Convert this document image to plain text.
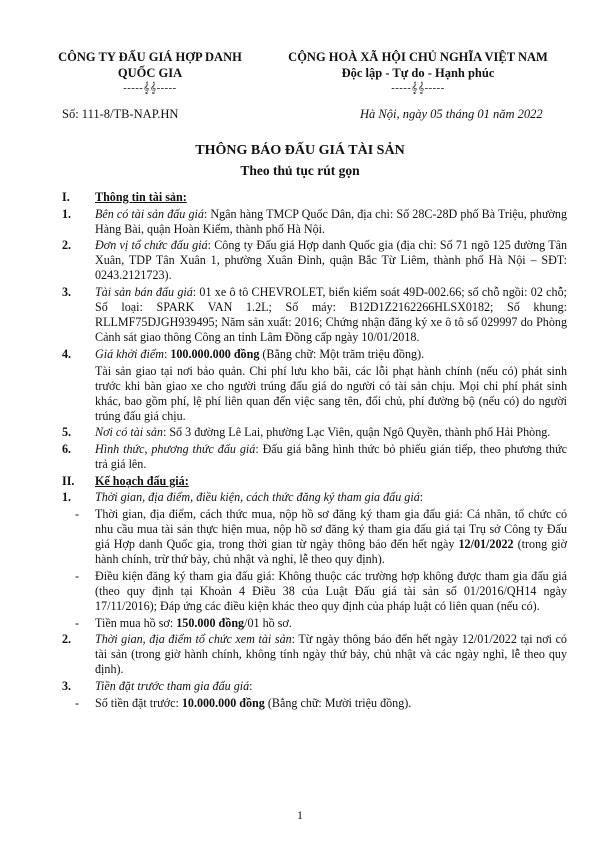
CÔNG TY ĐẤU GIÁ HỢP DANH
QUỐC GIA
-----𝄞𝄞-----
CỘNG HOÀ XÃ HỘI CHỦ NGHĨA VIỆT NAM
Độc lập - Tự do - Hạnh phúc
-----𝄞𝄞-----
Số: 111-8/TB-NAP.HN	Hà Nội, ngày 05 tháng 01 năm 2022
THÔNG BÁO ĐẤU GIÁ TÀI SẢN
Theo thủ tục rút gọn
I.	Thông tin tài sản:
1.	Bên có tài sản đấu giá: Ngân hàng TMCP Quốc Dân, địa chỉ: Số 28C-28D phố Bà Triệu, phường Hàng Bài, quận Hoàn Kiếm, thành phố Hà Nội.
2.	Đơn vị tổ chức đấu giá: Công ty Đấu giá Hợp danh Quốc gia (địa chỉ: Số 71 ngõ 125 đường Tân Xuân, TDP Tân Xuân 1, phường Xuân Đỉnh, quận Bắc Từ Liêm, thành phố Hà Nội – SĐT: 0243.2121723).
3.	Tài sản bán đấu giá: 01 xe ô tô CHEVROLET, biển kiểm soát 49D-002.66; số chỗ ngồi: 02 chỗ; Số loại: SPARK VAN 1.2L; Số máy: B12D1Z2162266HLSX0182; Số khung: RLLMF75DJGH939495; Năm sản xuất: 2016; Chứng nhận đăng ký xe ô tô số 029997 do Phòng Cảnh sát giao thông Công an tỉnh Lâm Đồng cấp ngày 10/01/2018.
4.	Giá khởi điểm: 100.000.000 đồng (Bằng chữ: Một trăm triệu đồng).
Tài sản giao tại nơi bảo quản. Chi phí lưu kho bãi, các lỗi phạt hành chính (nếu có) phát sinh trước khi bàn giao xe cho người trúng đấu giá do người có tài sản chịu. Mọi chi phí phát sinh khác, bao gồm phí, lệ phí liên quan đến việc sang tên, đổi chủ, phí đường bộ (nếu có) do người trúng đấu giá chịu.
5.	Nơi có tài sản: Số 3 đường Lê Lai, phường Lạc Viên, quận Ngô Quyền, thành phố Hải Phòng.
6.	Hình thức, phương thức đấu giá: Đấu giá bằng hình thức bỏ phiếu gián tiếp, theo phương thức trả giá lên.
II.	Kế hoạch đấu giá:
1.	Thời gian, địa điểm, điều kiện, cách thức đăng ký tham gia đấu giá:
-	Thời gian, địa điểm, cách thức mua, nộp hồ sơ đăng ký tham gia đấu giá: Cá nhân, tổ chức có nhu cầu mua tài sản thực hiện mua, nộp hồ sơ đăng ký tham gia đấu giá tại Trụ sở Công ty Đấu giá Hợp danh Quốc gia, trong thời gian từ ngày thông báo đến hết ngày 12/01/2022 (trong giờ hành chính, trừ thứ bảy, chủ nhật và nghỉ, lễ theo quy định).
-	Điều kiện đăng ký tham gia đấu giá: Không thuộc các trường hợp không được tham gia đấu giá (theo quy định tại Khoản 4 Điều 38 của Luật Đấu giá tài sản số 01/2016/QH14 ngày 17/11/2016); Đáp ứng các điều kiện khác theo quy định của pháp luật có liên quan (nếu có).
-	Tiền mua hồ sơ: 150.000 đồng/01 hồ sơ.
2.	Thời gian, địa điểm tổ chức xem tài sản: Từ ngày thông báo đến hết ngày 12/01/2022 tại nơi có tài sản (trong giờ hành chính, không tính ngày thứ bảy, chủ nhật và các ngày nghỉ, lễ theo quy định).
3.	Tiền đặt trước tham gia đấu giá:
-	Số tiền đặt trước: 10.000.000 đồng (Bằng chữ: Mười triệu đồng).
1
